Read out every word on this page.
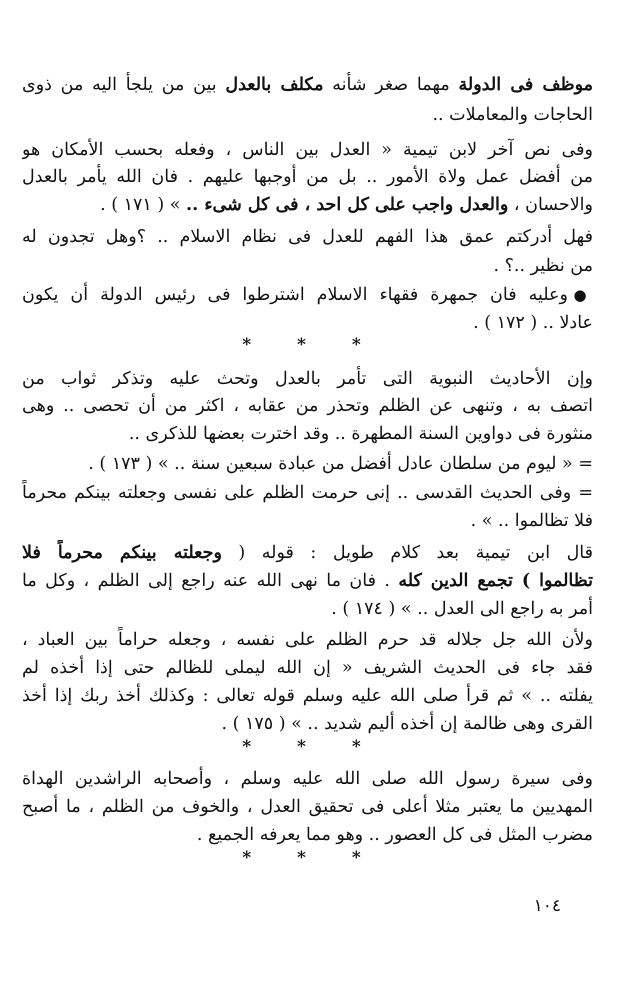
موظف فى الدولة مهما صغر شأنه مكلف بالعدل بين من يلجأ اليه من ذوى
الحاجات والمعاملات ..
وفى نص آخر لابن تيمية « العدل بين الناس ، وفعله بحسب الأمكان هو
من أفضل عمل ولاة الأمور .. بل من أوجبها عليهم . فان الله يأمر بالعدل
والاحسان ، والعدل واجب على كل احد ، فى كل شىء .. » ( ١٧١ ) .
فهل أدركتم عمق هذا الفهم للعدل فى نظام الاسلام .. ؟وهل تجدون له
من نظير ..؟ .
● وعليه فان جمهرة فقهاء الاسلام اشترطوا فى رئيس الدولة أن يكون
عادلا .. ( ١٧٢ ) .
* * *
وإن الأحاديث النبوية التى تأمر بالعدل وتحث عليه وتذكر ثواب من
اتصف به ، وتنهى عن الظلم وتحذر من عقابه ، اكثر من أن تحصى .. وهى
منثورة فى دواوين السنة المطهرة .. وقد اخترت بعضها للذكرى ..
= « ليوم من سلطان عادل أفضل من عبادة سبعين سنة .. » ( ١٧٣ ) .
= وفى الحديث القدسى .. إنى حرمت الظلم على نفسى وجعلته بينكم محرماً
فلا تظالموا .. » .
قال ابن تيمية بعد كلام طويل : قوله ( وجعلته بينكم محرماً فلا
تظالموا ) تجمع الدين كله . فان ما نهى الله عنه راجع إلى الظلم ، وكل ما
أمر به راجع الى العدل .. » ( ١٧٤ ) .
ولأن الله جل جلاله قد حرم الظلم على نفسه ، وجعله حراماً بين العباد ،
فقد جاء فى الحديث الشريف « إن الله ليملى للظالم حتى إذا أخذه لم
يفلته .. » ثم قرأ صلى الله عليه وسلم قوله تعالى : وكذلك أخذ ربك إذا أخذ
القرى وهى ظالمة إن أخذه أليم شديد .. » ( ١٧٥ ) .
* * *
وفى سيرة رسول الله صلى الله عليه وسلم ، وأصحابه الراشدين الهداة
المهديين ما يعتبر مثلا أعلى فى تحقيق العدل ، والخوف من الظلم ، ما أصبح
مضرب المثل فى كل العصور .. وهو مما يعرفه الجميع .
* * *
١٠٤
